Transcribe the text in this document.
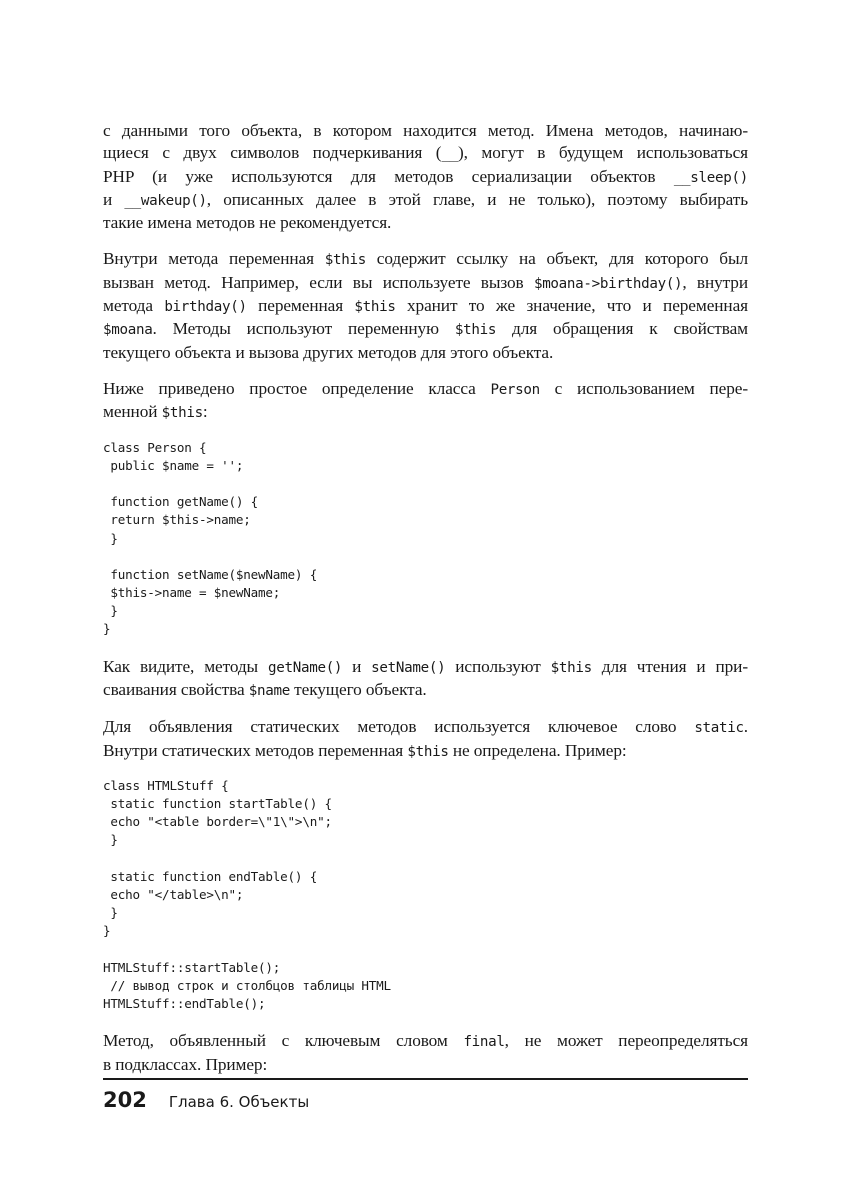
с данными того объекта, в котором находится метод. Имена методов, начинаю-
щиеся с двух символов подчеркивания (__), могут в будущем использоваться
PHP (и уже используются для методов сериализации объектов __sleep()
и __wakeup(), описанных далее в этой главе, и не только), поэтому выбирать
такие имена методов не рекомендуется.

Внутри метода переменная $this содержит ссылку на объект, для которого был
вызван метод. Например, если вы используете вызов $moana->birthday(), внутри
метода birthday() переменная $this хранит то же значение, что и переменная
$moana. Методы используют переменную $this для обращения к свойствам
текущего объекта и вызова других методов для этого объекта.

Ниже приведено простое определение класса Person с использованием пере-
менной $this:

class Person {
public $name = '';
function getName() {
return $this->name;
}
function setName($newName) {
$this->name = $newName;
}
}

Как видите, методы getName() и setName() используют $this для чтения и при-
сваивания свойства $name текущего объекта.

Для объявления статических методов используется ключевое слово static.
Внутри статических методов переменная $this не определена. Пример:

class HTMLStuff {
static function startTable() {
echo "<table border=\"1\">\n";
}
static function endTable() {
echo "</table>\n";
}
}
HTMLStuff::startTable();
// вывод строк и столбцов таблицы HTML
HTMLStuff::endTable();

Метод, объявленный с ключевым словом final, не может переопределяться
в подклассах. Пример:

202 Глава 6. Объекты
